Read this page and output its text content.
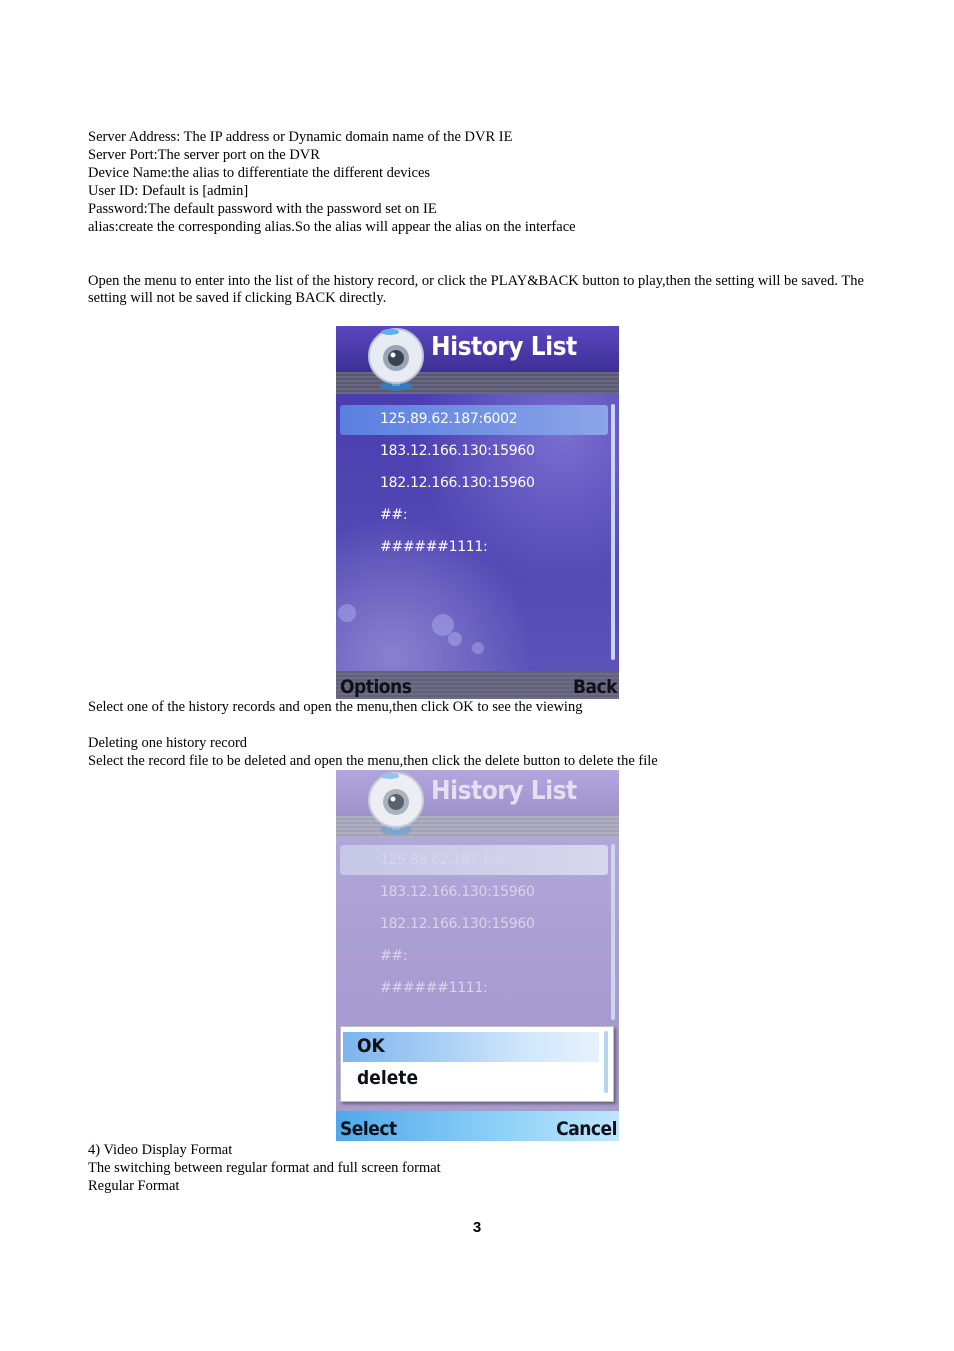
Server Address: The IP address or Dynamic domain name of the DVR IE
Server Port:The server port on the DVR
Device Name:the alias to differentiate the different devices
User ID: Default is [admin]
Password:The default password with the password set on IE
alias:create the corresponding alias.So the alias will appear the alias on the interface
Open the menu to enter into the list of the history record, or click the PLAY&BACK button to play,then the setting will be saved. The setting will not be saved if clicking BACK directly.
History List
125.89.62.187:6002
183.12.166.130:15960
182.12.166.130:15960
##:
######1111:
Options	Back
Select one of the history records and open the menu,then click OK to see the viewing
Deleting one history record
Select the record file to be deleted and open the menu,then click the delete button to delete the file
History List
125.89.62.187:6002
183.12.166.130:15960
182.12.166.130:15960
##:
######1111:
OK
delete
Select	Cancel
4) Video Display Format
The switching between regular format and full screen format
Regular Format
3
